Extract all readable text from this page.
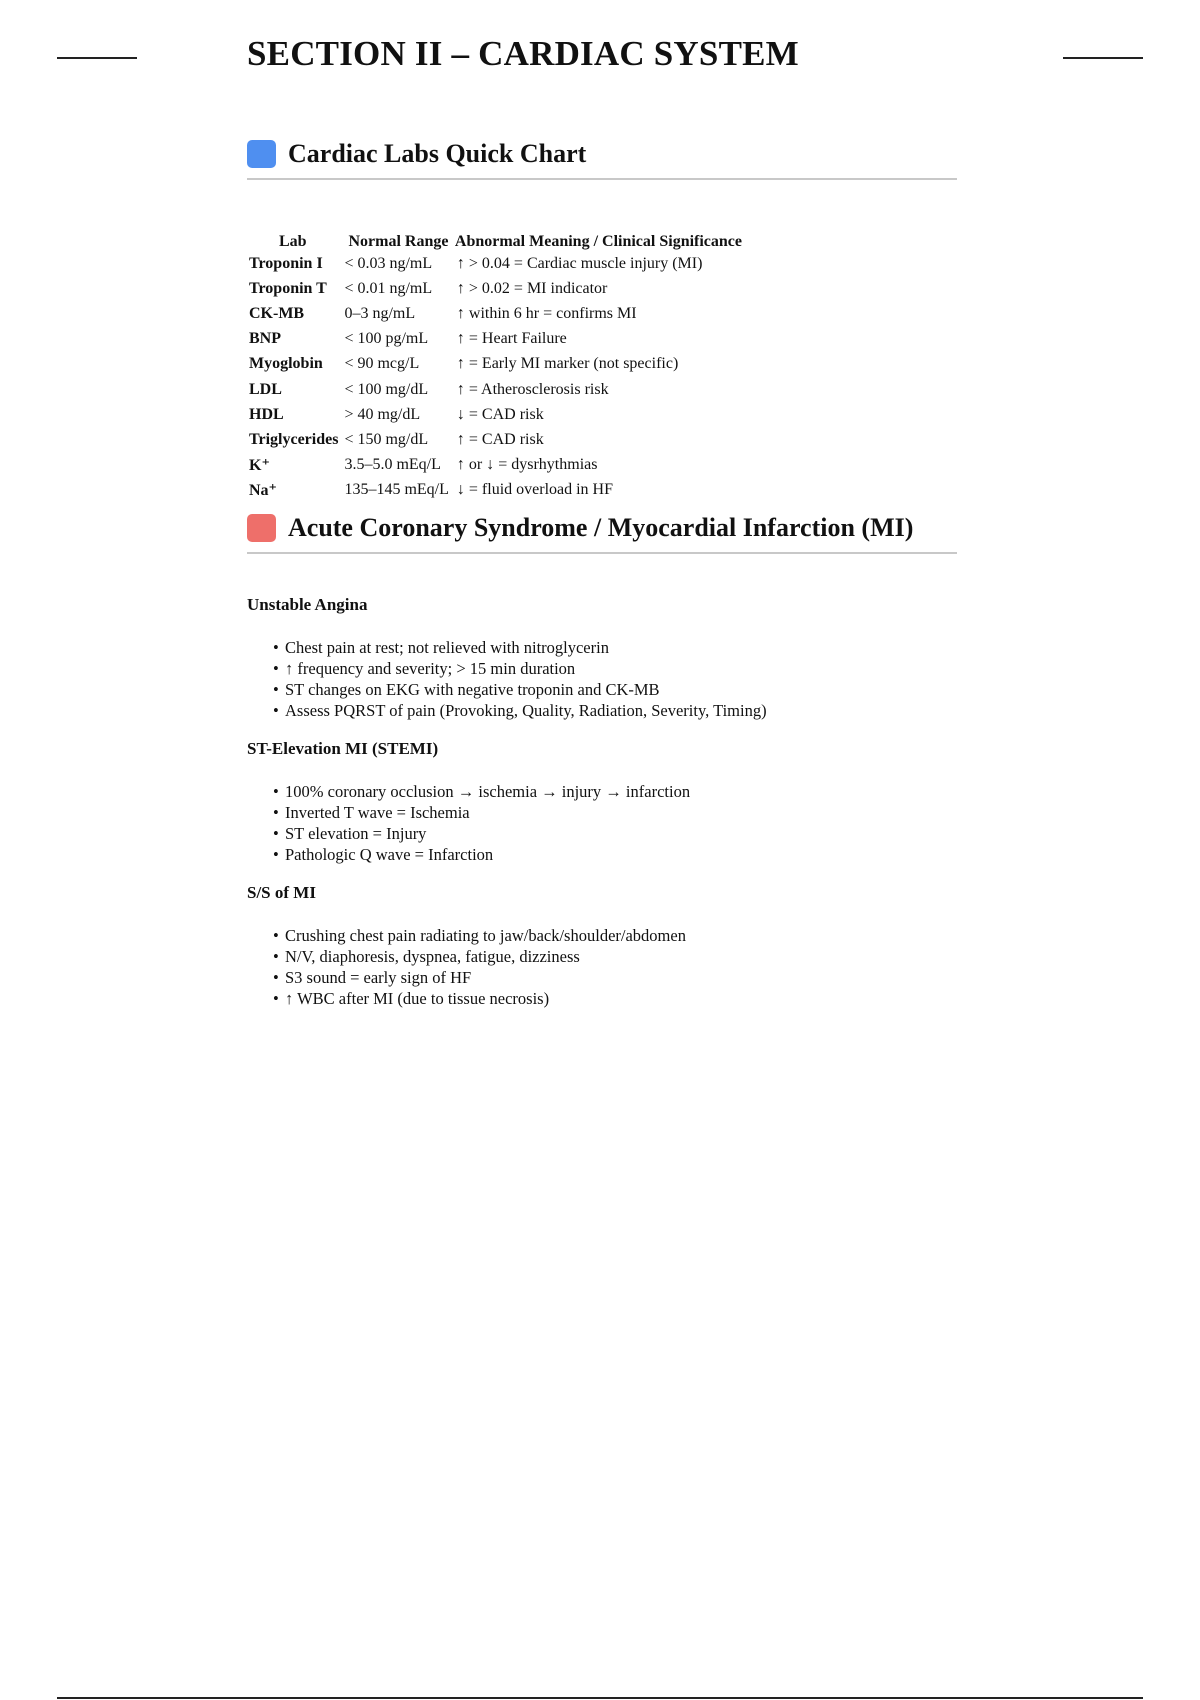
SECTION II – CARDIAC SYSTEM
Cardiac Labs Quick Chart
Lab	Normal Range	Abnormal Meaning / Clinical Significance
Troponin I	< 0.03 ng/mL	↑ > 0.04 = Cardiac muscle injury (MI)
Troponin T	< 0.01 ng/mL	↑ > 0.02 = MI indicator
CK-MB	0–3 ng/mL	↑ within 6 hr = confirms MI
BNP	< 100 pg/mL	↑ = Heart Failure
Myoglobin	< 90 mcg/L	↑ = Early MI marker (not specific)
LDL	< 100 mg/dL	↑ = Atherosclerosis risk
HDL	> 40 mg/dL	↓ = CAD risk
Triglycerides	< 150 mg/dL	↑ = CAD risk
K⁺	3.5–5.0 mEq/L	↑ or ↓ = dysrhythmias
Na⁺	135–145 mEq/L	↓ = fluid overload in HF
Acute Coronary Syndrome / Myocardial Infarction (MI)

Unstable Angina

• Chest pain at rest; not relieved with nitroglycerin
• ↑ frequency and severity; > 15 min duration
• ST changes on EKG with negative troponin and CK-MB
• Assess PQRST of pain (Provoking, Quality, Radiation, Severity, Timing)

ST-Elevation MI (STEMI)

• 100% coronary occlusion → ischemia → injury → infarction
• Inverted T wave = Ischemia
• ST elevation = Injury
• Pathologic Q wave = Infarction

S/S of MI

• Crushing chest pain radiating to jaw/back/shoulder/abdomen
• N/V, diaphoresis, dyspnea, fatigue, dizziness
• S3 sound = early sign of HF
• ↑ WBC after MI (due to tissue necrosis)
